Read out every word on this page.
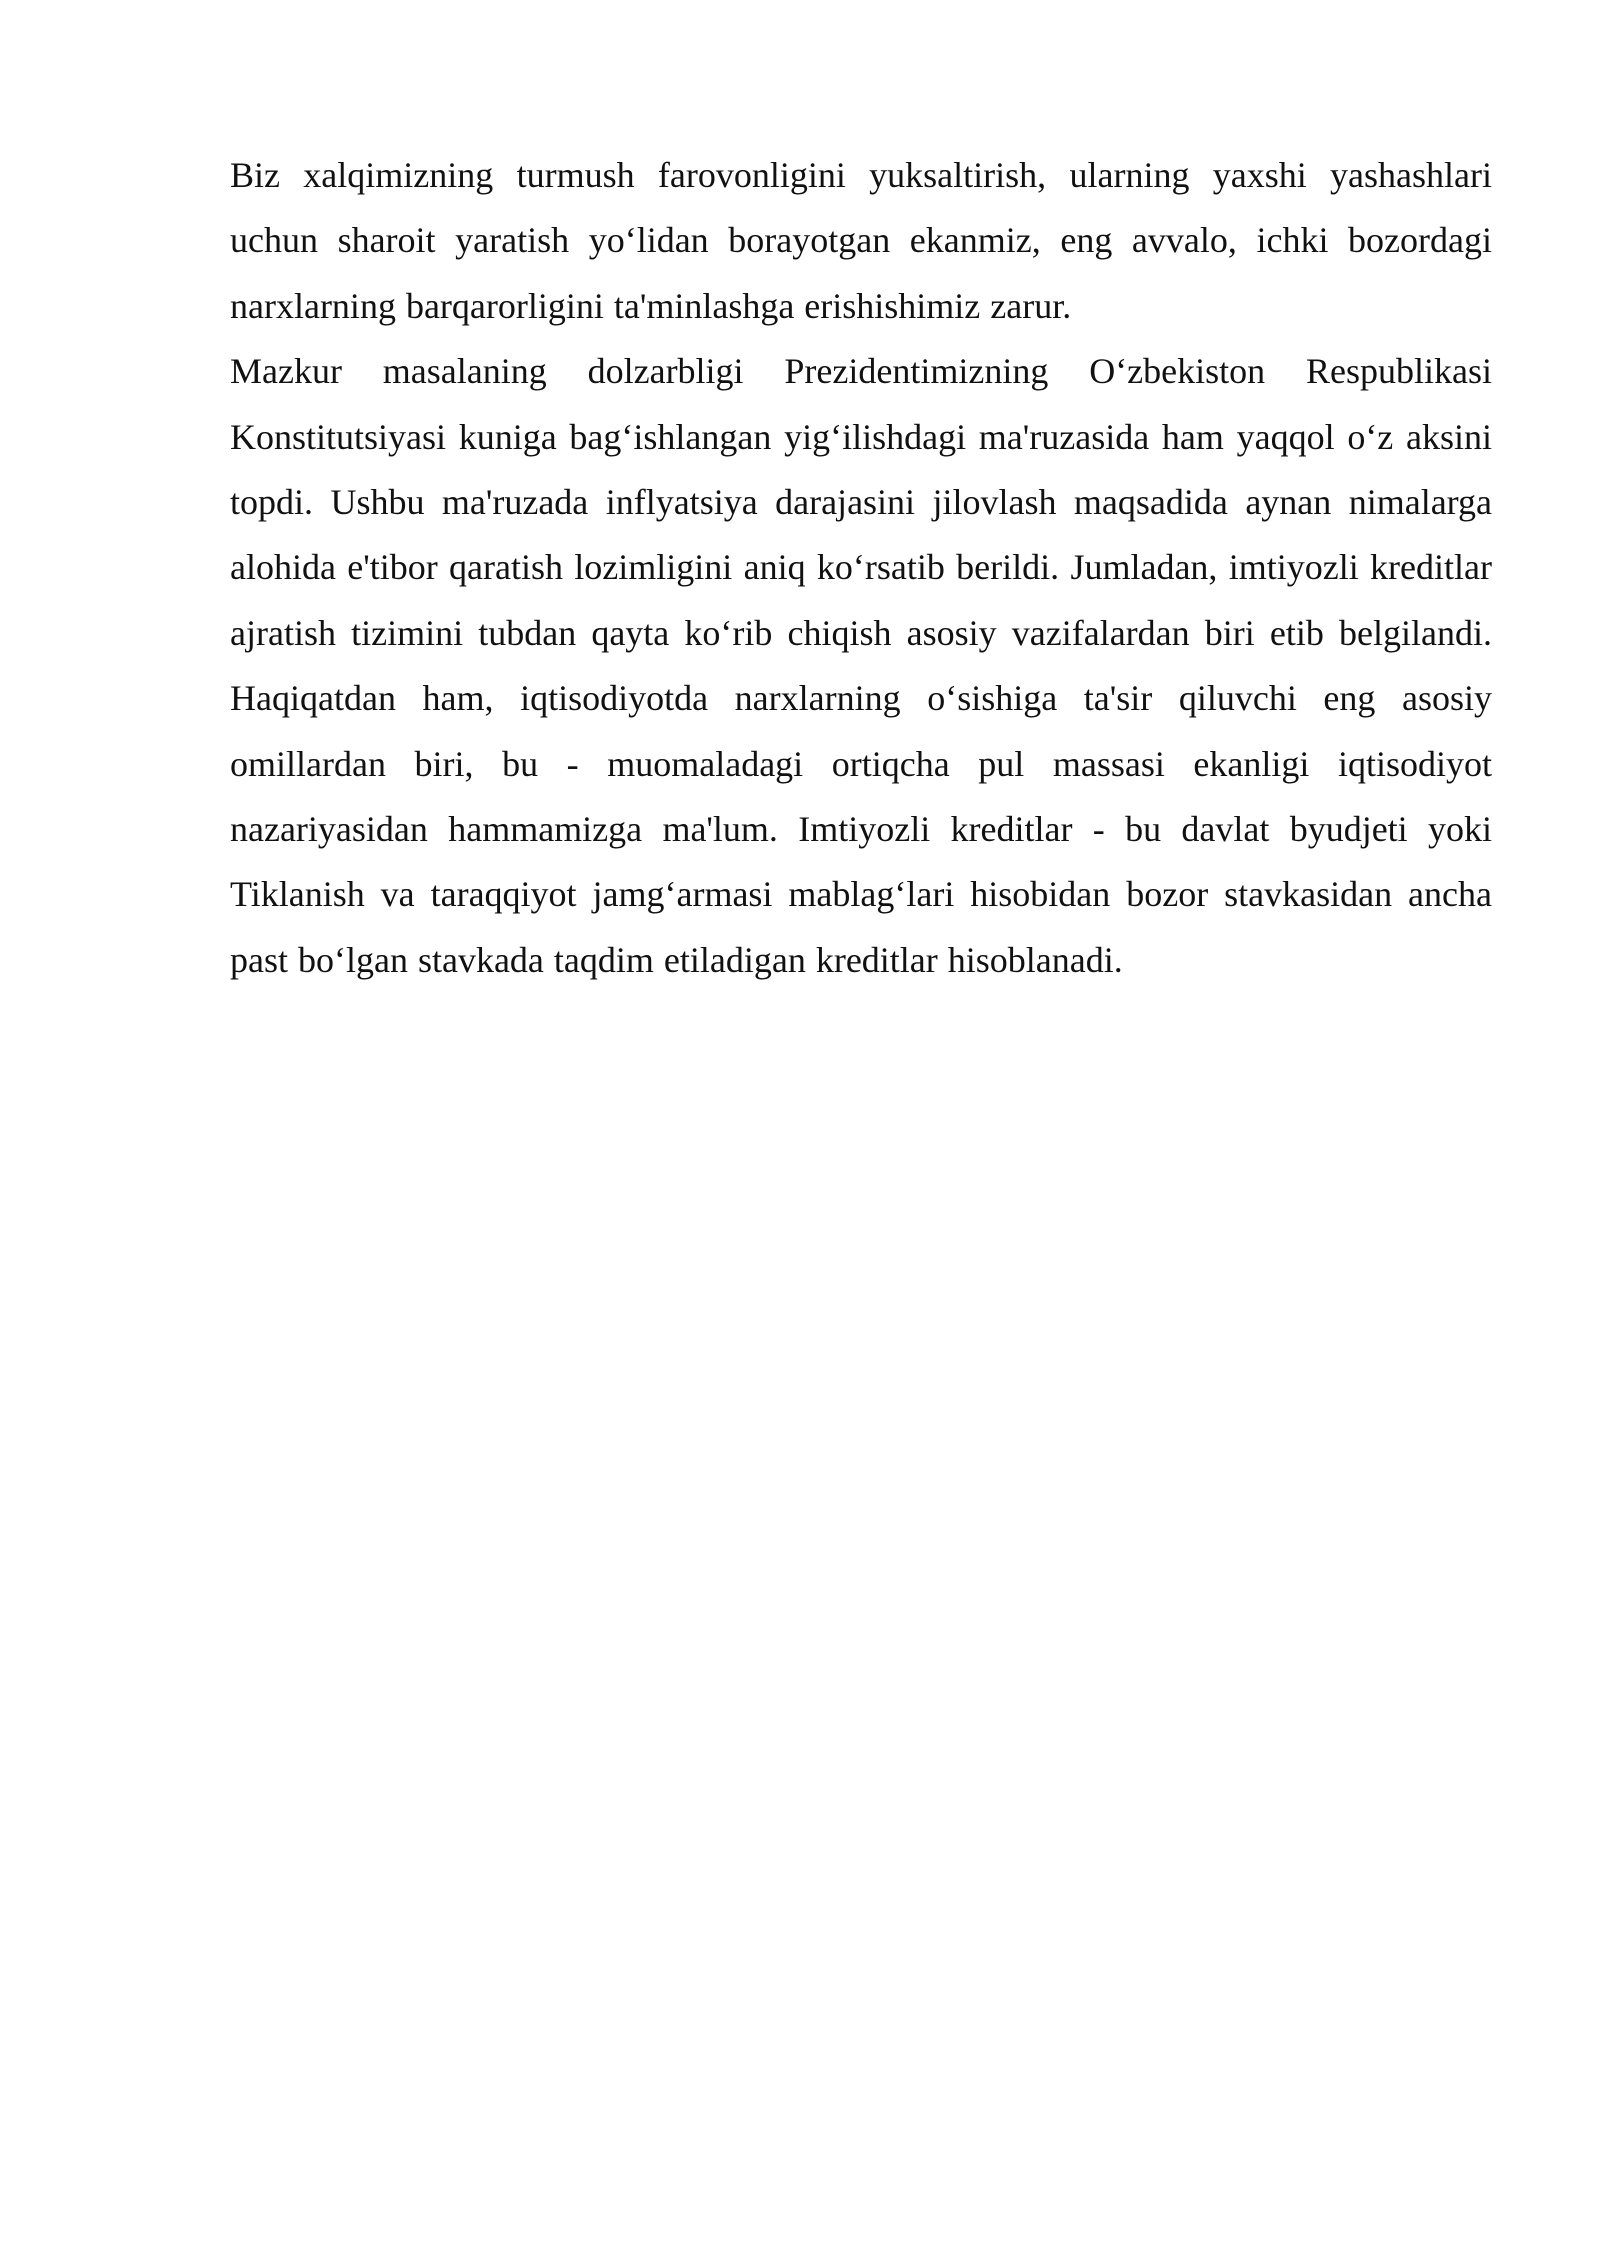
Biz xalqimizning turmush farovonligini yuksaltirish, ularning yaxshi yashashlari uchun sharoit yaratish yo‘lidan borayotgan ekanmiz, eng avvalo, ichki bozordagi narxlarning barqarorligini ta'minlashga erishishimiz zarur.

Mazkur masalaning dolzarbligi Prezidentimizning O‘zbekiston Respublikasi Konstitutsiyasi kuniga bag‘ishlangan yig‘ilishdagi ma'ruzasida ham yaqqol o‘z aksini topdi. Ushbu ma'ruzada inflyatsiya darajasini jilovlash maqsadida aynan nimalarga alohida e'tibor qaratish lozimligini aniq ko‘rsatib berildi. Jumladan, imtiyozli kreditlar ajratish tizimini tubdan qayta ko‘rib chiqish asosiy vazifalardan biri etib belgilandi. Haqiqatdan ham, iqtisodiyotda narxlarning o‘sishiga ta'sir qiluvchi eng asosiy omillardan biri, bu - muomaladagi ortiqcha pul massasi ekanligi iqtisodiyot nazariyasidan hammamizga ma'lum. Imtiyozli kreditlar - bu davlat byudjeti yoki Tiklanish va taraqqiyot jamg‘armasi mablag‘lari hisobidan bozor stavkasidan ancha past bo‘lgan stavkada taqdim etiladigan kreditlar hisoblanadi.
